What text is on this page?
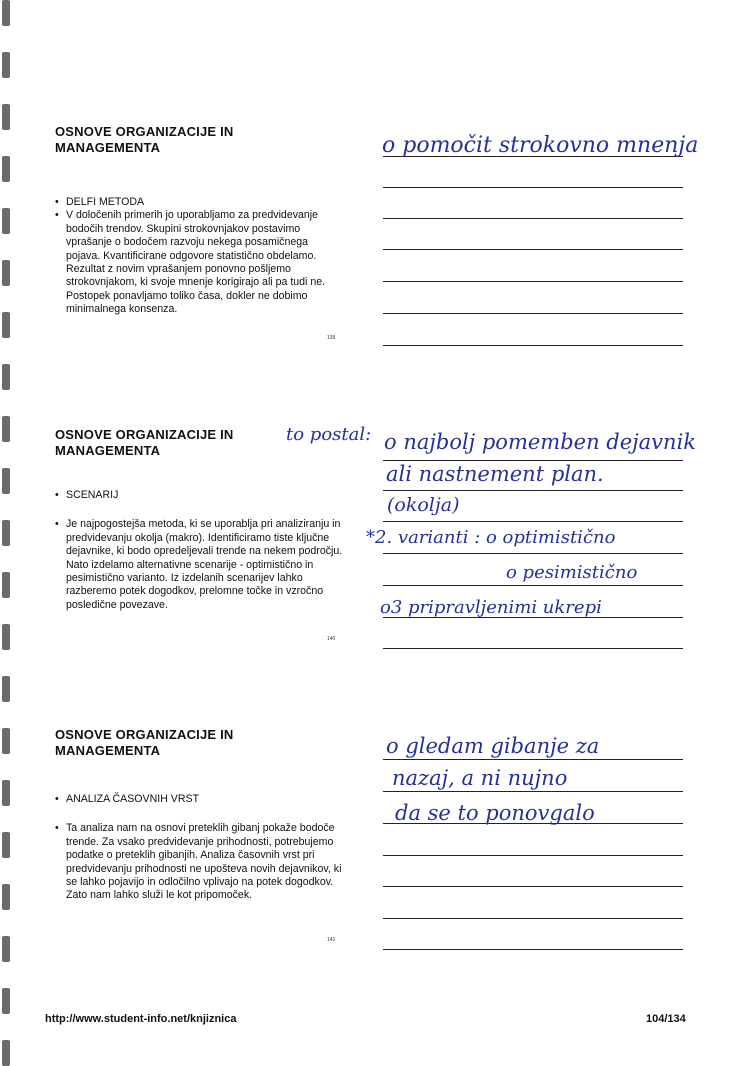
OSNOVE ORGANIZACIJE IN
MANAGEMENTA
• DELFI METODA
• V določenih primerih jo uporabljamo za predvidevanje bodočih trendov. Skupini strokovnjakov postavimo vprašanje o bodočem razvoju nekega posamičnega pojava. Kvantificirane odgovore statistično obdelamo. Rezultat z novim vprašanjem ponovno pošljemo strokovnjakom, ki svoje mnenje korigirajo ali pa tudi ne. Postopek ponavljamo toliko časa, dokler ne dobimo minimalnega konsenza.
139
o pomočit strokovno mnenja
OSNOVE ORGANIZACIJE IN
MANAGEMENTA
• SCENARIJ
• Je najpogostejša metoda, ki se uporablja pri analiziranju in predvidevanju okolja (makro). Identificiramo tiste ključne dejavnike, ki bodo opredeljevali trende na nekem področju. Nato izdelamo alternativne scenarije - optimistično in pesimistično varianto. Iz izdelanih scenarijev lahko razberemo potek dogodkov, prelomne točke in vzročno posledične povezave.
140
to postal: o najbolj pomemben dejavnik
ali nastnement plan.
(okolja)
*2. varianti : o optimistično
o pesimistično
o3 pripravljenimi ukrepi
OSNOVE ORGANIZACIJE IN
MANAGEMENTA
• ANALIZA ČASOVNIH VRST
• Ta analiza nam na osnovi preteklih gibanj pokaže bodoče trende. Za vsako predvidevanje prihodnosti, potrebujemo podatke o preteklih gibanjih. Analiza časovnih vrst pri predvidevanju prihodnosti ne upošteva novih dejavnikov, ki se lahko pojavijo in odločilno vplivajo na potek dogodkov. Zato nam lahko služi le kot pripomoček.
141
o gledam gibanje za
nazaj, a ni nujno
da se to ponovgalo
http://www.student-info.net/knjiznica	104/134
